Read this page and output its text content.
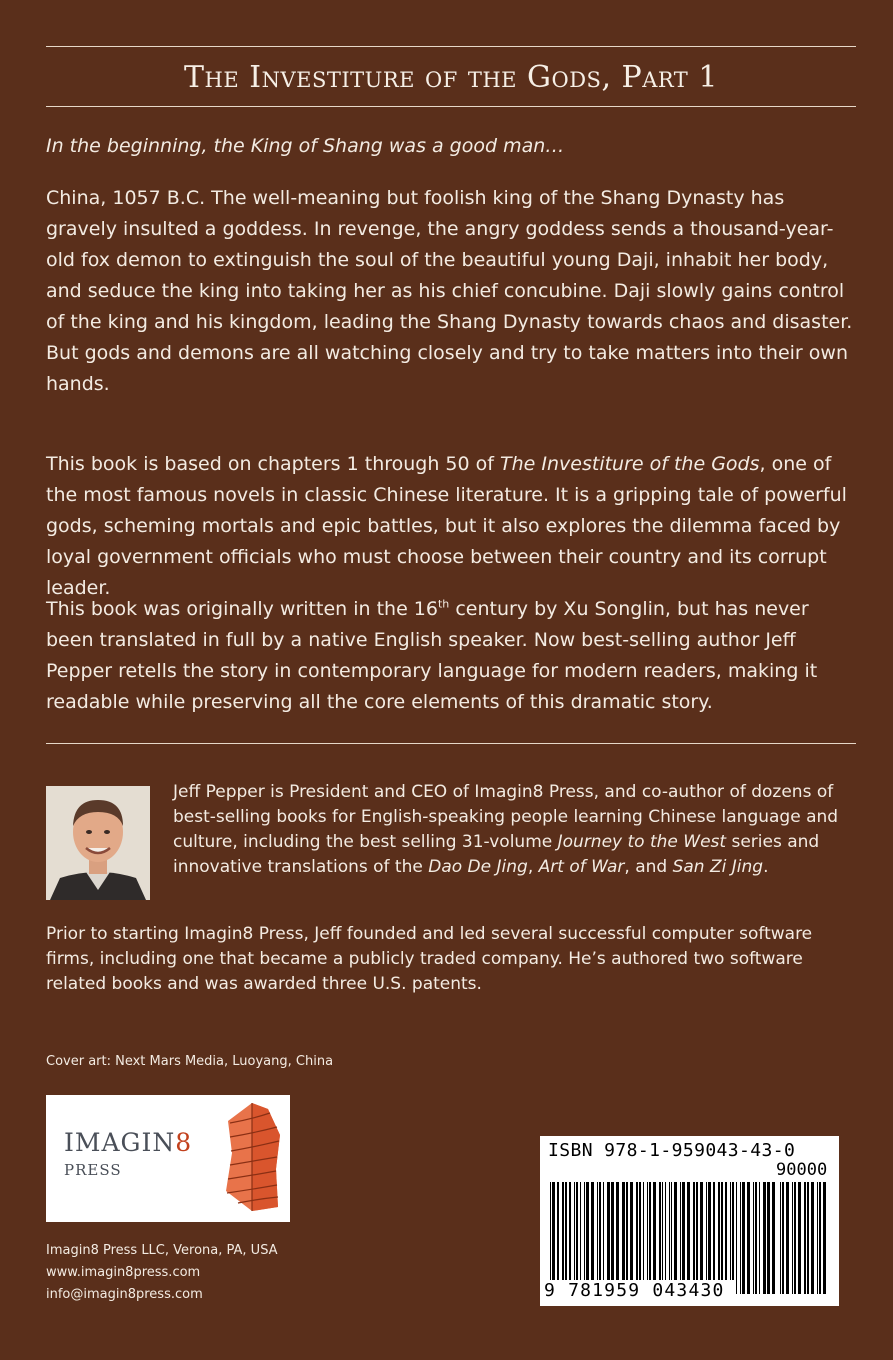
The Investiture of the Gods, Part 1

In the beginning, the King of Shang was a good man…

China, 1057 B.C. The well-meaning but foolish king of the Shang Dynasty has gravely insulted a goddess. In revenge, the angry goddess sends a thousand-year-old fox demon to extinguish the soul of the beautiful young Daji, inhabit her body, and seduce the king into taking her as his chief concubine. Daji slowly gains control of the king and his kingdom, leading the Shang Dynasty towards chaos and disaster. But gods and demons are all watching closely and try to take matters into their own hands.

This book is based on chapters 1 through 50 of The Investiture of the Gods, one of the most famous novels in classic Chinese literature. It is a gripping tale of powerful gods, scheming mortals and epic battles, but it also explores the dilemma faced by loyal government officials who must choose between their country and its corrupt leader.

This book was originally written in the 16th century by Xu Songlin, but has never been translated in full by a native English speaker. Now best-selling author Jeff Pepper retells the story in contemporary language for modern readers, making it readable while preserving all the core elements of this dramatic story.

Jeff Pepper is President and CEO of Imagin8 Press, and co-author of dozens of best-selling books for English-speaking people learning Chinese language and culture, including the best selling 31-volume Journey to the West series and innovative translations of the Dao De Jing, Art of War, and San Zi Jing.

Prior to starting Imagin8 Press, Jeff founded and led several successful computer software firms, including one that became a publicly traded company. He’s authored two software related books and was awarded three U.S. patents.

Cover art: Next Mars Media, Luoyang, China
IMAGIN8
PRESS
Imagin8 Press LLC, Verona, PA, USA
www.imagin8press.com
info@imagin8press.com
ISBN 978-1-959043-43-0
90000
9 781959 043430
